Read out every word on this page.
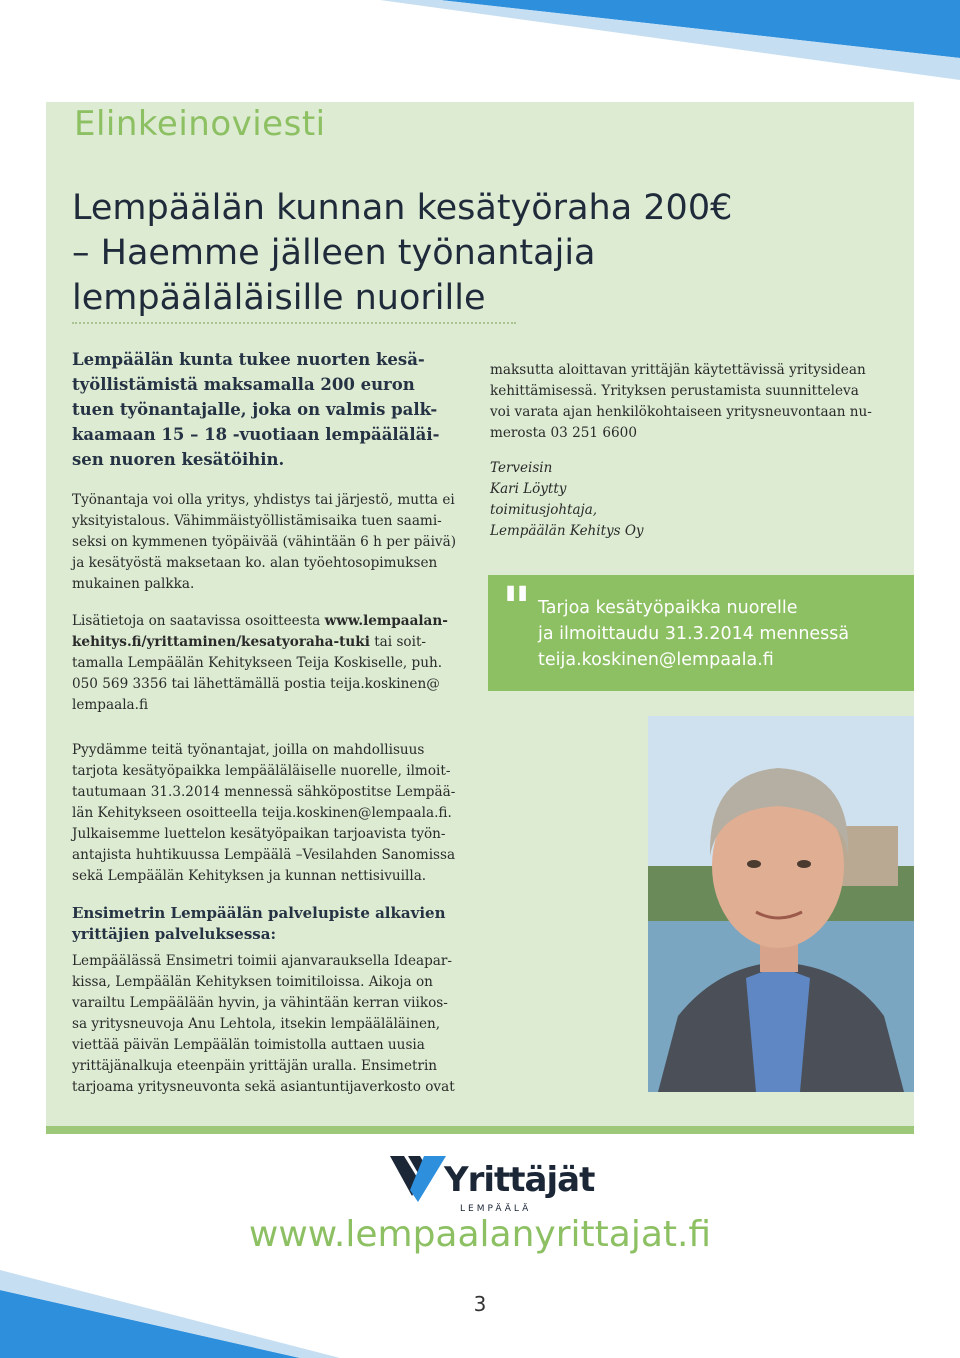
Elinkeinoviesti
Lempäälän kunnan kesätyöraha 200€
– Haemme jälleen työnantajia
lempääläläisille nuorille

Lempäälän kunta tukee nuorten kesä-
työllistämistä maksamalla 200 euron
tuen työnantajalle, joka on valmis palk-
kaamaan 15 – 18 -vuotiaan lempääläläi-
sen nuoren kesätöihin.

Työnantaja voi olla yritys, yhdistys tai järjestö, mutta ei
yksityistalous. Vähimmäistyöllistämisaika tuen saami-
seksi on kymmenen työpäivää (vähintään 6 h per päivä)
ja kesätyöstä maksetaan ko. alan työehtosopimuksen
mukainen palkka.

Lisätietoja on saatavissa osoitteesta www.lempaalan-
kehitys.fi/yrittaminen/kesatyoraha-tuki tai soit-
tamalla Lempäälän Kehitykseen Teija Koskiselle, puh.
050 569 3356 tai lähettämällä postia teija.koskinen@
lempaala.fi

Pyydämme teitä työnantajat, joilla on mahdollisuus
tarjota kesätyöpaikka lempääläläiselle nuorelle, ilmoit-
tautumaan 31.3.2014 mennessä sähköpostitse Lempää-
län Kehitykseen osoitteella teija.koskinen@lempaala.fi.
Julkaisemme luettelon kesätyöpaikan tarjoavista työn-
antajista huhtikuussa Lempäälä –Vesilahden Sanomissa
sekä Lempäälän Kehityksen ja kunnan nettisivuilla.

Ensimetrin Lempäälän palvelupiste alkavien
yrittäjien palveluksessa:

Lempäälässä Ensimetri toimii ajanvarauksella Ideapar-
kissa, Lempäälän Kehityksen toimitiloissa. Aikoja on
varailtu Lempäälään hyvin, ja vähintään kerran viikos-
sa yritysneuvoja Anu Lehtola, itsekin lempääläläinen,
viettää päivän Lempäälän toimistolla auttaen uusia
yrittäjänalkuja eteenpäin yrittäjän uralla. Ensimetrin
tarjoama yritysneuvonta sekä asiantuntijaverkosto ovat

maksutta aloittavan yrittäjän käytettävissä yritysidean
kehittämisessä. Yrityksen perustamista suunnitteleva
voi varata ajan henkilökohtaiseen yritysneuvontaan nu-
merosta 03 251 6600

Terveisin
Kari Löytty
toimitusjohtaja,
Lempäälän Kehitys Oy

" Tarjoa kesätyöpaikka nuorelle
ja ilmoittaudu 31.3.2014 mennessä
teija.koskinen@lempaala.fi

Yrittäjät
LEMPÄÄLÄ

www.lempaalanyrittajat.fi

3
